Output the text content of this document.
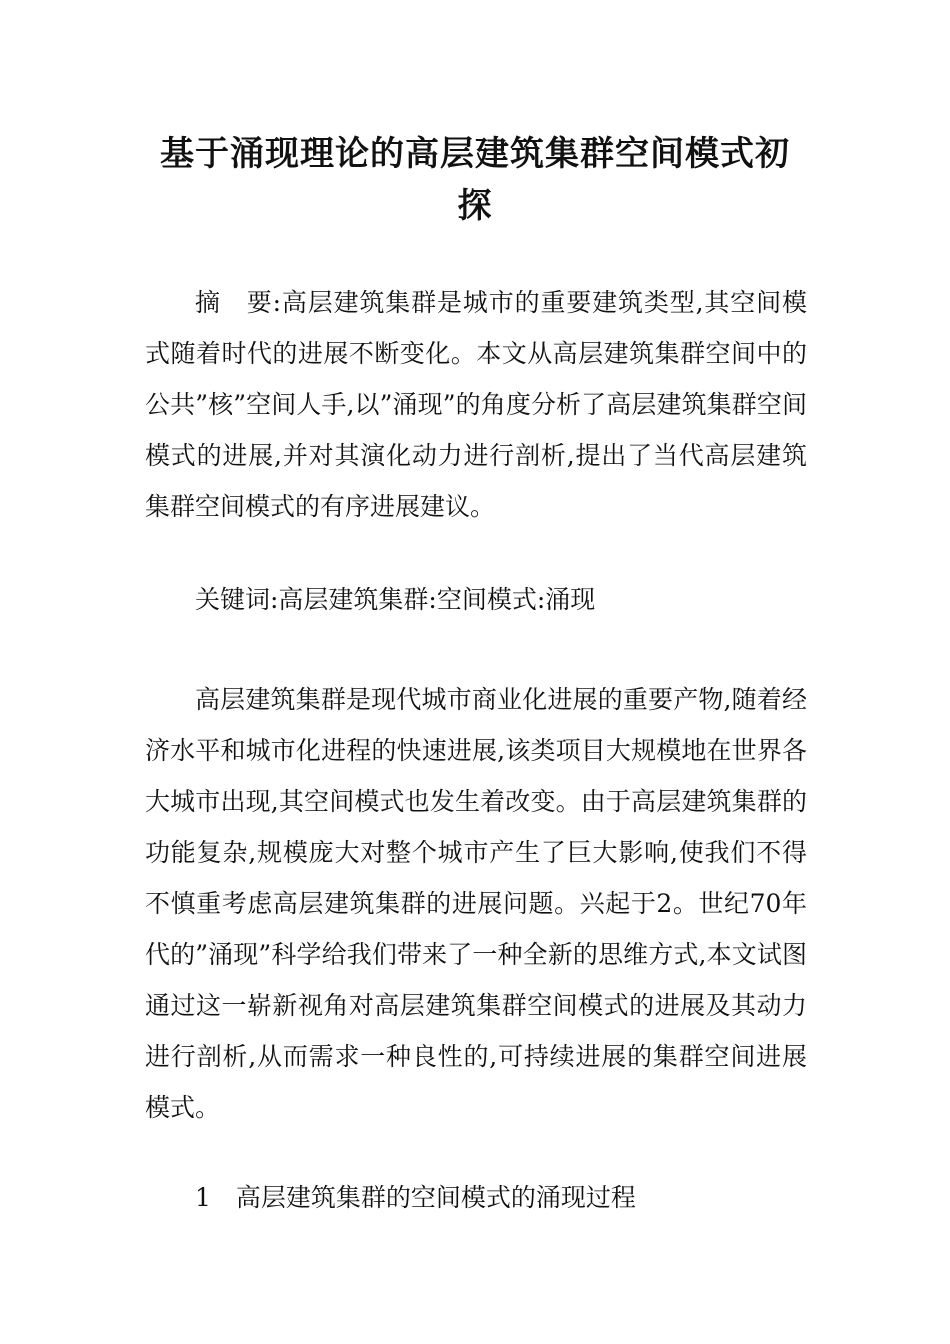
基于涌现理论的高层建筑集群空间模式初探

摘　要:高层建筑集群是城市的重要建筑类型,其空间模式随着时代的进展不断变化。本文从高层建筑集群空间中的公共”核”空间人手,以”涌现”的角度分析了高层建筑集群空间模式的进展,并对其演化动力进行剖析,提出了当代高层建筑集群空间模式的有序进展建议。

关键词:高层建筑集群:空间模式:涌现

高层建筑集群是现代城市商业化进展的重要产物,随着经济水平和城市化进程的快速进展,该类项目大规模地在世界各大城市出现,其空间模式也发生着改变。由于高层建筑集群的功能复杂,规模庞大对整个城市产生了巨大影响,使我们不得不慎重考虑高层建筑集群的进展问题。兴起于2。世纪70年代的”涌现”科学给我们带来了一种全新的思维方式,本文试图通过这一崭新视角对高层建筑集群空间模式的进展及其动力进行剖析,从而需求一种良性的,可持续进展的集群空间进展模式。

1　高层建筑集群的空间模式的涌现过程
